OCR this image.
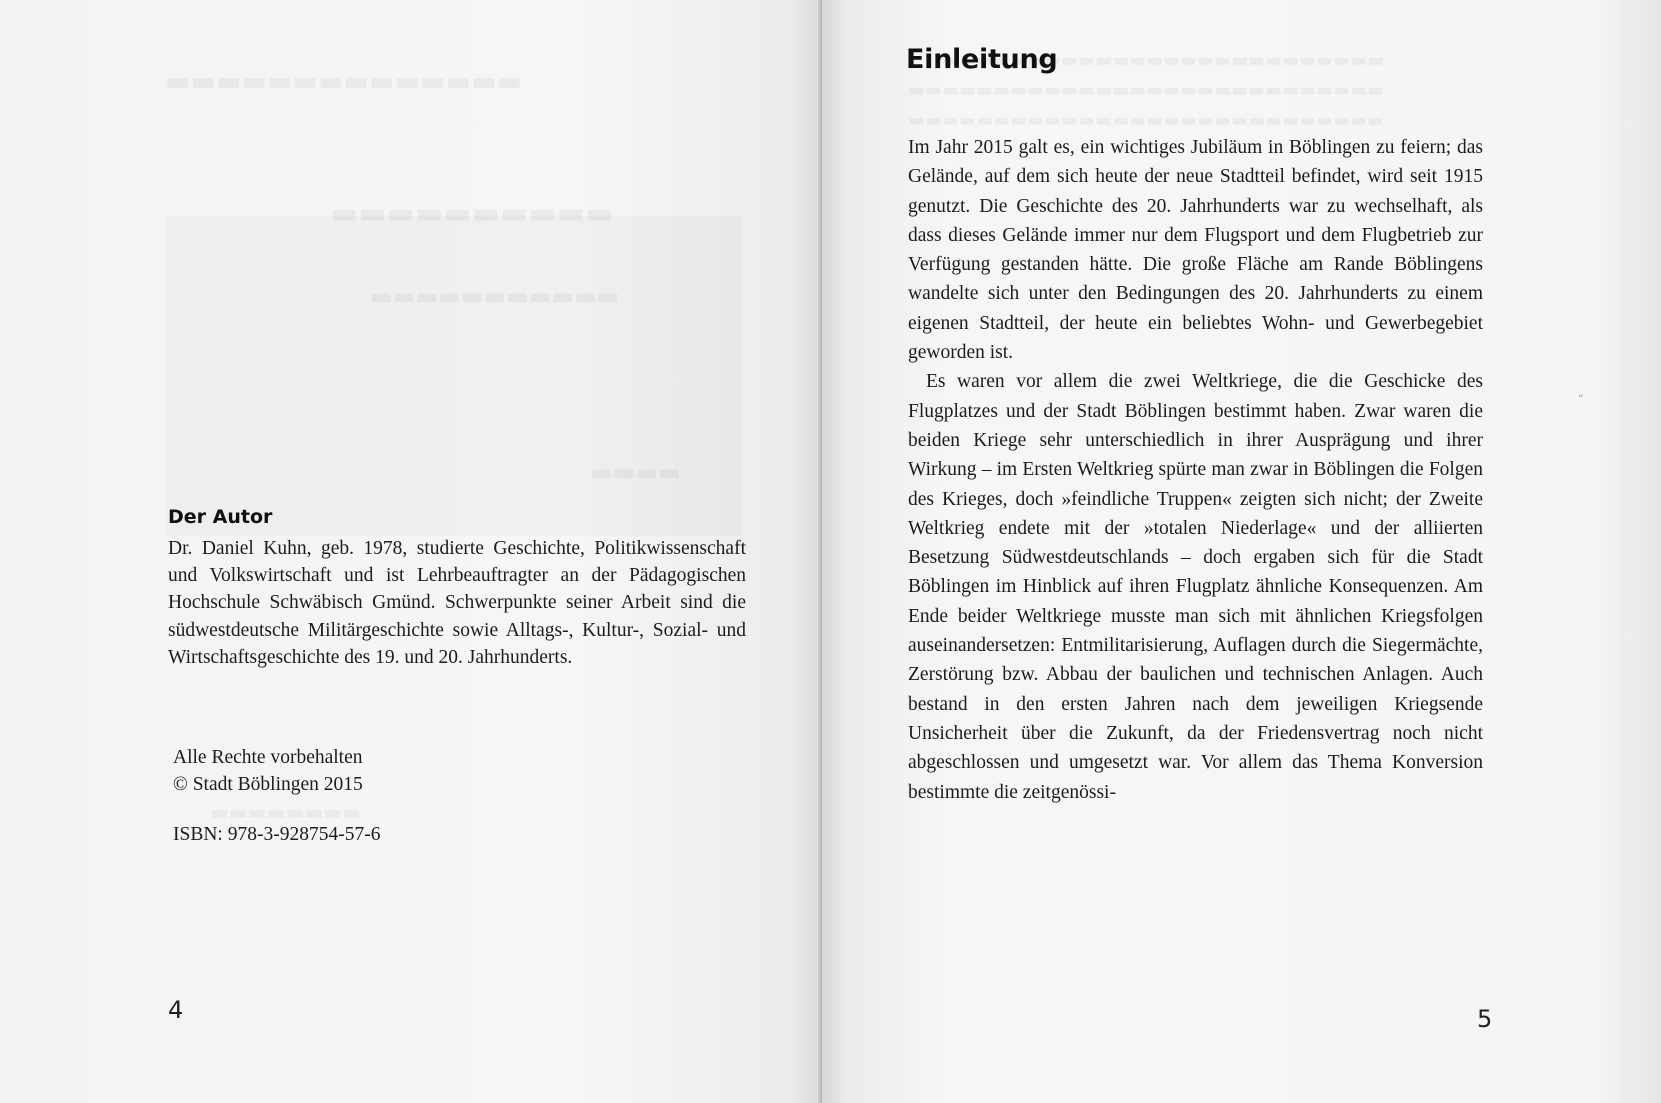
Der Autor
Dr. Daniel Kuhn, geb. 1978, studierte Geschichte, Politikwissenschaft und Volkswirtschaft und ist Lehrbeauftragter an der Pädagogischen Hochschule Schwäbisch Gmünd. Schwerpunkte seiner Arbeit sind die südwestdeutsche Militärgeschichte sowie Alltags-, Kultur-, Sozial- und Wirtschaftsgeschichte des 19. und 20. Jahrhunderts.
Alle Rechte vorbehalten
© Stadt Böblingen 2015
ISBN: 978-3-928754-57-6
4
Einleitung

Im Jahr 2015 galt es, ein wichtiges Jubiläum in Böblingen zu feiern; das Gelände, auf dem sich heute der neue Stadtteil befindet, wird seit 1915 genutzt. Die Geschichte des 20. Jahrhunderts war zu wechselhaft, als dass dieses Gelände immer nur dem Flugsport und dem Flugbetrieb zur Verfügung gestanden hätte. Die große Fläche am Rande Böblingens wandelte sich unter den Bedingungen des 20. Jahrhunderts zu einem eigenen Stadtteil, der heute ein beliebtes Wohn- und Gewerbegebiet geworden ist.

Es waren vor allem die zwei Weltkriege, die die Geschicke des Flugplatzes und der Stadt Böblingen bestimmt haben. Zwar waren die beiden Kriege sehr unterschiedlich in ihrer Ausprägung und ihrer Wirkung – im Ersten Weltkrieg spürte man zwar in Böblingen die Folgen des Krieges, doch »feindliche Truppen« zeigten sich nicht; der Zweite Weltkrieg endete mit der »totalen Niederlage« und der alliierten Besetzung Südwestdeutschlands – doch ergaben sich für die Stadt Böblingen im Hinblick auf ihren Flugplatz ähnliche Konsequenzen. Am Ende beider Weltkriege musste man sich mit ähnlichen Kriegsfolgen auseinandersetzen: Entmilitarisierung, Auflagen durch die Siegermächte, Zerstörung bzw. Abbau der baulichen und technischen Anlagen. Auch bestand in den ersten Jahren nach dem jeweiligen Kriegsende Unsicherheit über die Zukunft, da der Friedensvertrag noch nicht abgeschlossen und umgesetzt war. Vor allem das Thema Konversion bestimmte die zeitgenössi-

„
5
